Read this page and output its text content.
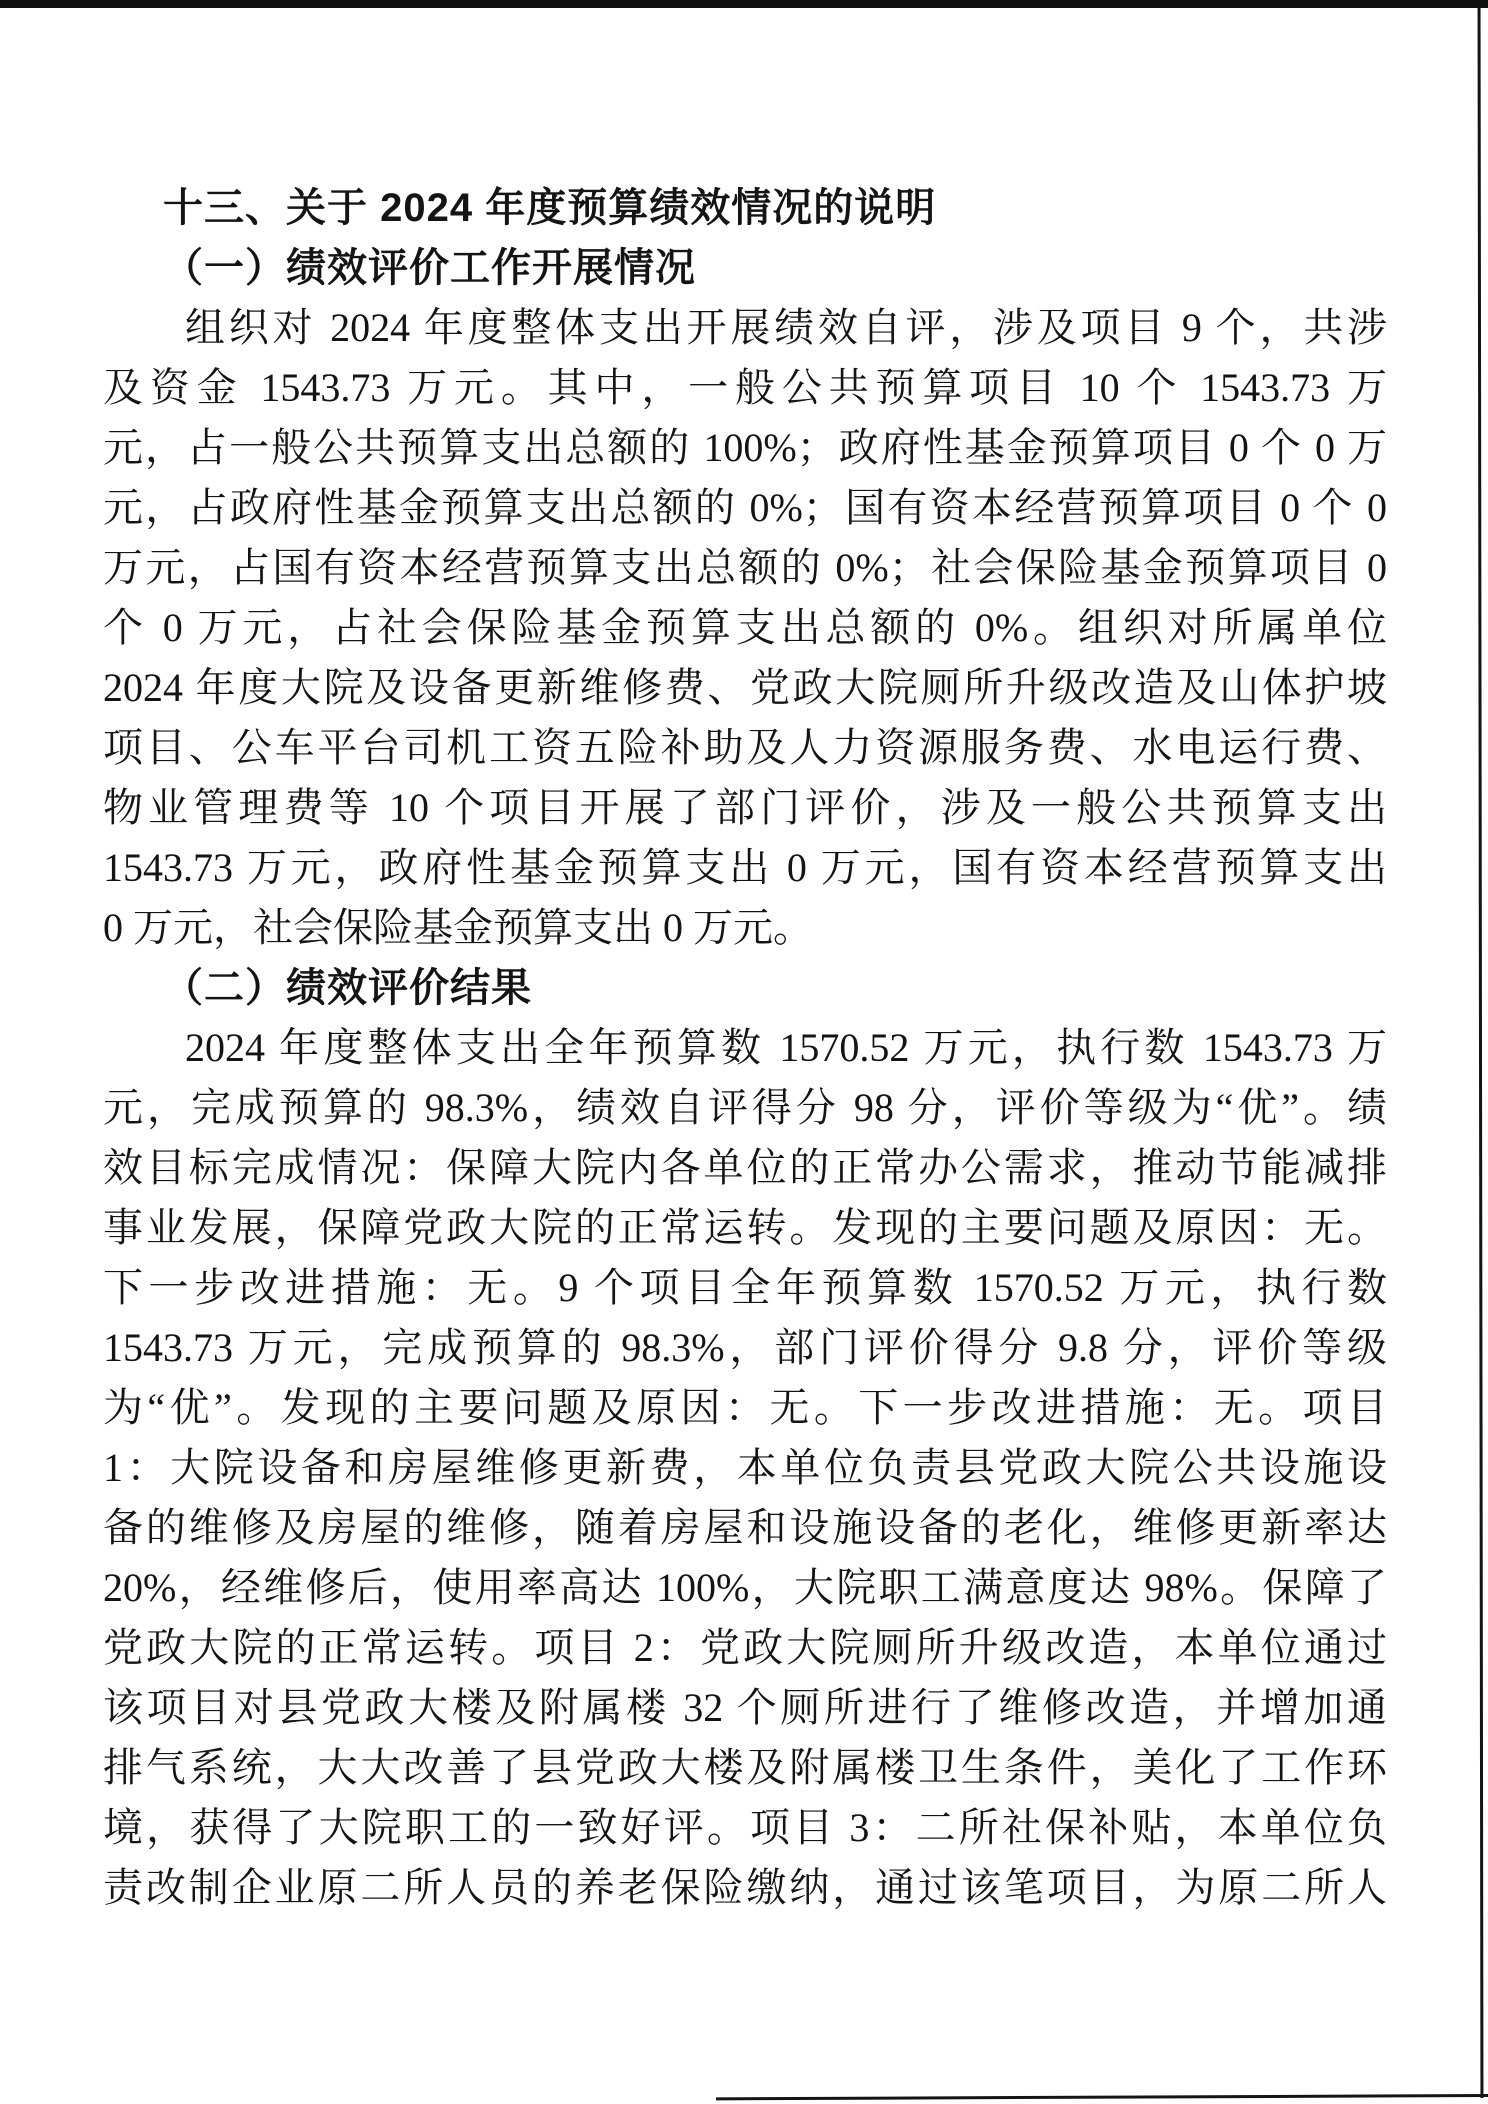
十三、关于 2024 年度预算绩效情况的说明
（一）绩效评价工作开展情况
组织对 2024 年度整体支出开展绩效自评，涉及项目 9 个，共涉
及资金 1543.73 万元。其中，一般公共预算项目 10 个 1543.73 万
元，占一般公共预算支出总额的 100%；政府性基金预算项目 0 个 0 万
元，占政府性基金预算支出总额的 0%；国有资本经营预算项目 0 个 0
万元，占国有资本经营预算支出总额的 0%；社会保险基金预算项目 0
个 0 万元，占社会保险基金预算支出总额的 0%。组织对所属单位
2024 年度大院及设备更新维修费、党政大院厕所升级改造及山体护坡
项目、公车平台司机工资五险补助及人力资源服务费、水电运行费、
物业管理费等 10 个项目开展了部门评价，涉及一般公共预算支出
1543.73 万元，政府性基金预算支出 0 万元，国有资本经营预算支出
0 万元，社会保险基金预算支出 0 万元。
（二）绩效评价结果
2024 年度整体支出全年预算数 1570.52 万元，执行数 1543.73 万
元，完成预算的 98.3%，绩效自评得分 98 分，评价等级为“优”。绩
效目标完成情况：保障大院内各单位的正常办公需求，推动节能减排
事业发展，保障党政大院的正常运转。发现的主要问题及原因：无。
下一步改进措施：无。9 个项目全年预算数 1570.52 万元，执行数
1543.73 万元，完成预算的 98.3%，部门评价得分 9.8 分，评价等级
为“优”。发现的主要问题及原因：无。下一步改进措施：无。项目
1：大院设备和房屋维修更新费，本单位负责县党政大院公共设施设
备的维修及房屋的维修，随着房屋和设施设备的老化，维修更新率达
20%，经维修后，使用率高达 100%，大院职工满意度达 98%。保障了
党政大院的正常运转。项目 2：党政大院厕所升级改造，本单位通过
该项目对县党政大楼及附属楼 32 个厕所进行了维修改造，并增加通
排气系统，大大改善了县党政大楼及附属楼卫生条件，美化了工作环
境，获得了大院职工的一致好评。项目 3：二所社保补贴，本单位负
责改制企业原二所人员的养老保险缴纳，通过该笔项目，为原二所人
